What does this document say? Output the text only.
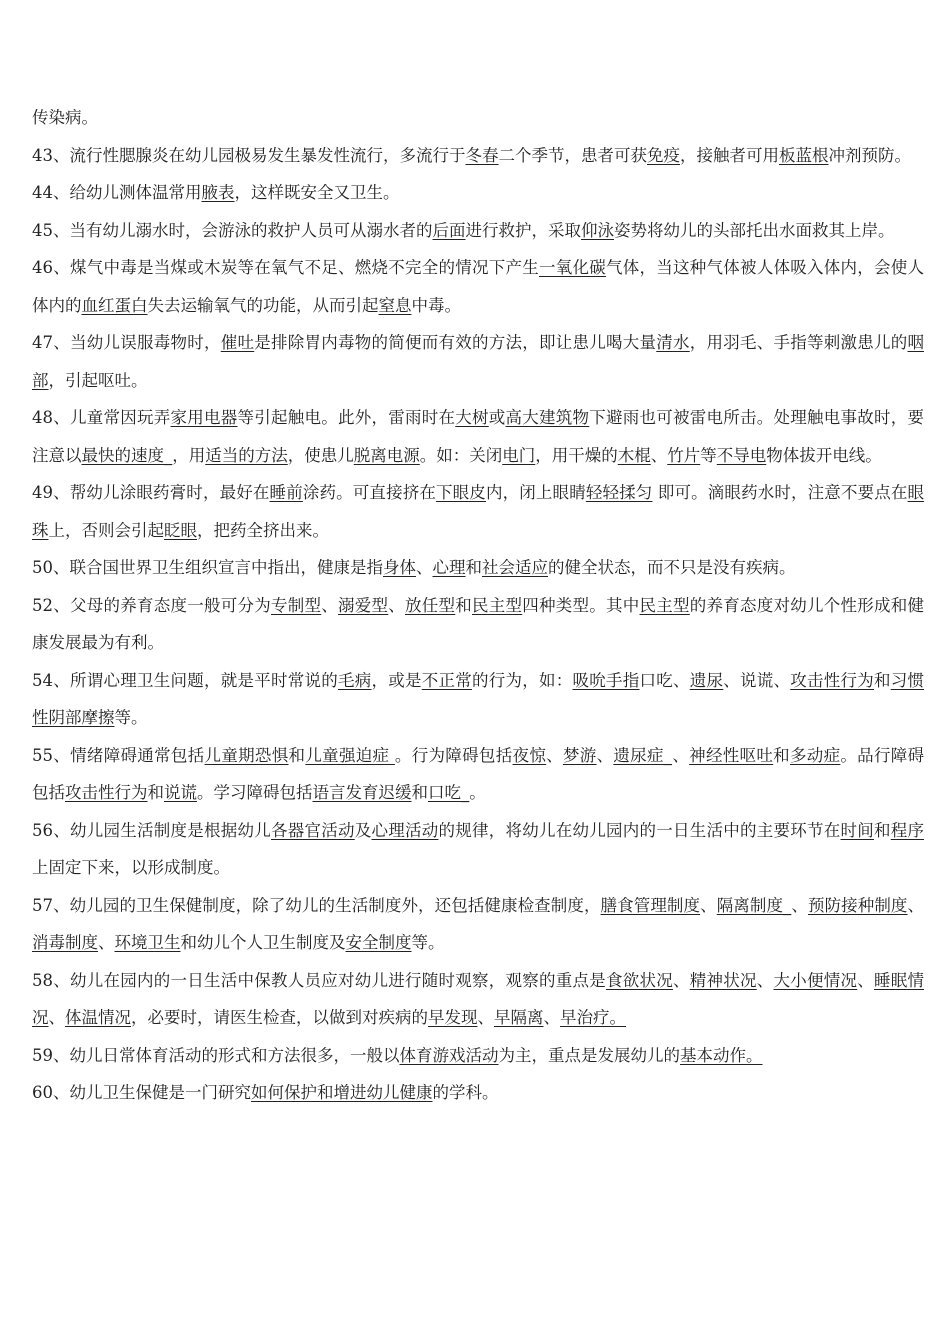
传染病。

43、流行性腮腺炎在幼儿园极易发生暴发性流行，多流行于冬春二个季节，患者可获免疫，接触者可用板蓝根冲剂预防。

44、给幼儿测体温常用腋表，这样既安全又卫生。

45、当有幼儿溺水时，会游泳的救护人员可从溺水者的后面进行救护，采取仰泳姿势将幼儿的头部托出水面救其上岸。

46、煤气中毒是当煤或木炭等在氧气不足、燃烧不完全的情况下产生一氧化碳气体，当这种气体被人体吸入体内，会使人体内的血红蛋白失去运输氧气的功能，从而引起窒息中毒。

47、当幼儿误服毒物时，催吐是排除胃内毒物的简便而有效的方法，即让患儿喝大量清水，用羽毛、手指等刺激患儿的咽部，引起呕吐。

48、儿童常因玩弄家用电器等引起触电。此外，雷雨时在大树或高大建筑物下避雨也可被雷电所击。处理触电事故时，要注意以最快的速度_，用适当的方法，使患儿脱离电源。如：关闭电门，用干燥的木棍、竹片等不导电物体拔开电线。

49、帮幼儿涂眼药膏时，最好在睡前涂药。可直接挤在下眼皮内，闭上眼睛轻轻揉匀 即可。滴眼药水时，注意不要点在眼珠上，否则会引起眨眼，把药全挤出来。

50、联合国世界卫生组织宣言中指出，健康是指身体、心理和社会适应的健全状态，而不只是没有疾病。

52、父母的养育态度一般可分为专制型、溺爱型、放任型和民主型四种类型。其中民主型的养育态度对幼儿个性形成和健康发展最为有利。

54、所谓心理卫生问题，就是平时常说的毛病，或是不正常的行为，如：吸吮手指口吃、遗尿、说谎、攻击性行为和习惯性阴部摩擦等。

55、情绪障碍通常包括儿童期恐惧和儿童强迫症 。行为障碍包括夜惊、梦游、遗尿症_、神经性呕吐和多动症。品行障碍包括攻击性行为和说谎。学习障碍包括语言发育迟缓和口吃_。

56、幼儿园生活制度是根据幼儿各器官活动及心理活动的规律，将幼儿在幼儿园内的一日生活中的主要环节在时间和程序上固定下来，以形成制度。

57、幼儿园的卫生保健制度，除了幼儿的生活制度外，还包括健康检查制度，膳食管理制度、隔离制度_、预防接种制度、消毒制度、环境卫生和幼儿个人卫生制度及安全制度等。

58、幼儿在园内的一日生活中保教人员应对幼儿进行随时观察，观察的重点是食欲状况、精神状况、大小便情况、睡眠情况、体温情况，必要时，请医生检查，以做到对疾病的早发现、早隔离、早治疗。

59、幼儿日常体育活动的形式和方法很多，一般以体育游戏活动为主，重点是发展幼儿的基本动作。

60、幼儿卫生保健是一门研究如何保护和增进幼儿健康的学科。
